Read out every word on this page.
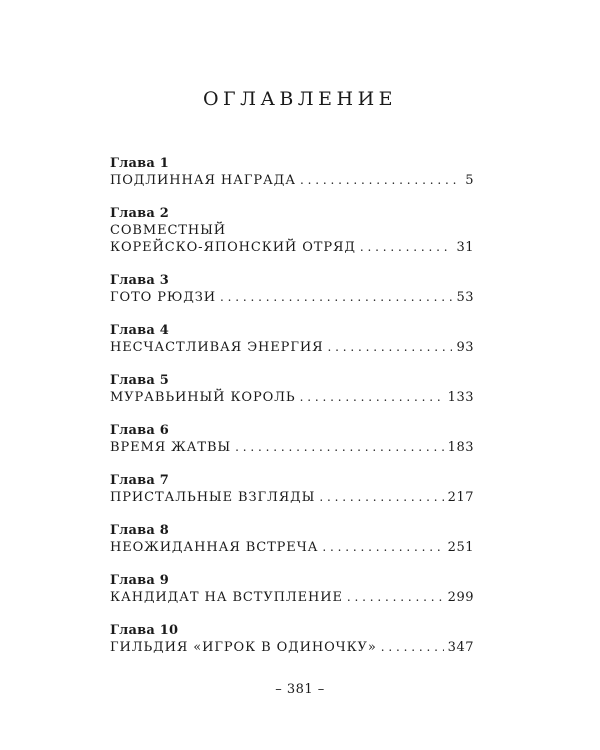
ОГЛАВЛЕНИЕ
Глава 1
ПОДЛИННАЯ НАГРАДА . . .	5
Глава 2
СОВМЕСТНЫЙ
КОРЕЙСКО-ЯПОНСКИЙ ОТРЯД . . .	31
Глава 3
ГОТО РЮДЗИ . . .	53
Глава 4
НЕСЧАСТЛИВАЯ ЭНЕРГИЯ . . .	93
Глава 5
МУРАВЬИНЫЙ КОРОЛЬ . . .	133
Глава 6
ВРЕМЯ ЖАТВЫ . . .	183
Глава 7
ПРИСТАЛЬНЫЕ ВЗГЛЯДЫ . . .	217
Глава 8
НЕОЖИДАННАЯ ВСТРЕЧА . . .	251
Глава 9
КАНДИДАТ НА ВСТУПЛЕНИЕ . . .	299
Глава 10
ГИЛЬДИЯ «ИГРОК В ОДИНОЧКУ» . . .	347
– 381 –
